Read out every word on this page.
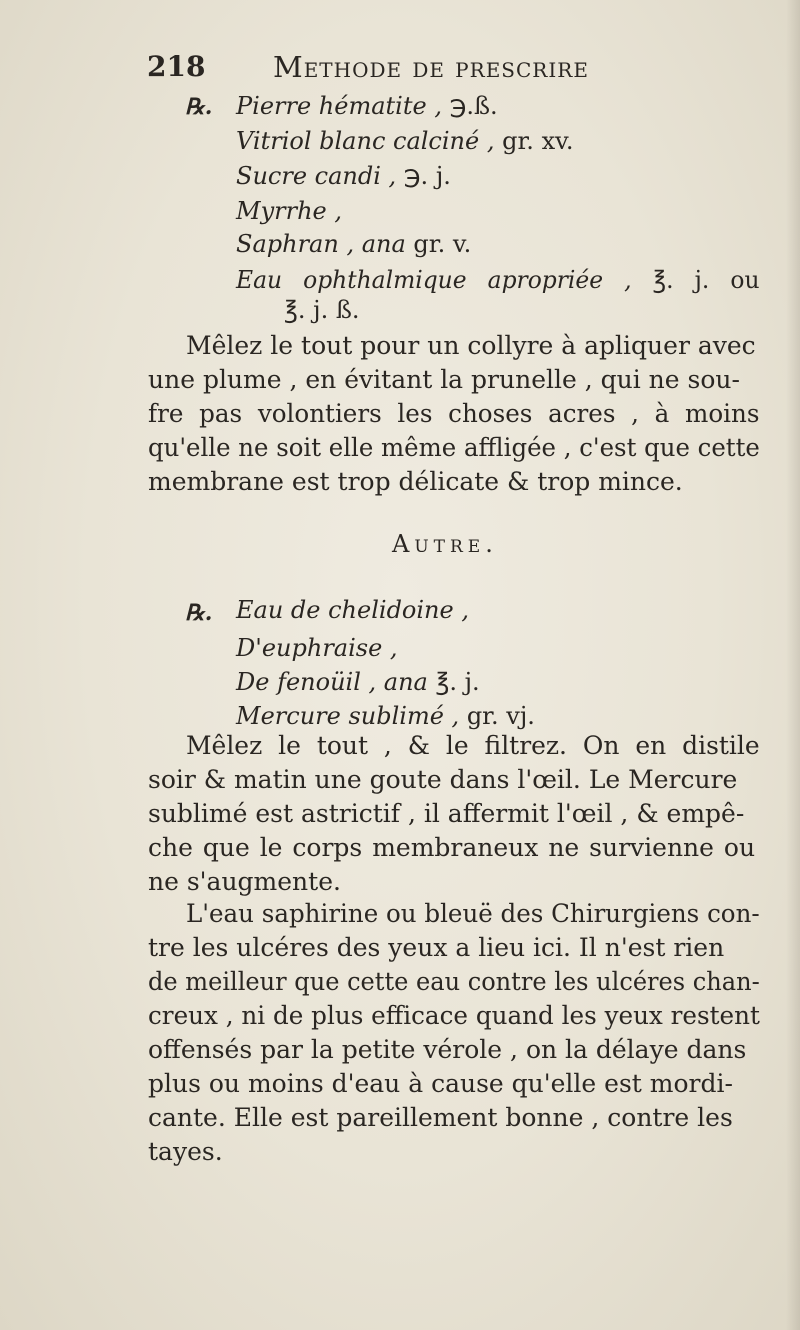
218 Methode de prescrire
℞. Pierre hématite , ℈.ß.
Vitriol blanc calciné , gr. xv.
Sucre candi , ℈. j.
Myrrhe ,
Saphran , ana gr. v.
Eau ophthalmique apropriée , ℥. j. ou
℥. j. ß.
Mêlez le tout pour un collyre à apliquer avec
une plume , en évitant la prunelle , qui ne sou-
fre pas volontiers les choses acres , à moins
qu'elle ne soit elle même affligée , c'est que cette
membrane est trop délicate & trop mince.
Autre.
℞. Eau de chelidoine ,
D'euphraise ,
De fenoüil , ana ℥. j.
Mercure sublimé , gr. vj.
Mêlez le tout , & le filtrez. On en distile
soir & matin une goute dans l'œil. Le Mercure
sublimé est astrictif , il affermit l'œil , & empê-
che que le corps membraneux ne survienne ou
ne s'augmente.
L'eau saphirine ou bleuë des Chirurgiens con-
tre les ulcéres des yeux a lieu ici. Il n'est rien
de meilleur que cette eau contre les ulcéres chan-
creux , ni de plus efficace quand les yeux restent
offensés par la petite vérole , on la délaye dans
plus ou moins d'eau à cause qu'elle est mordi-
cante. Elle est pareillement bonne , contre les
tayes.
